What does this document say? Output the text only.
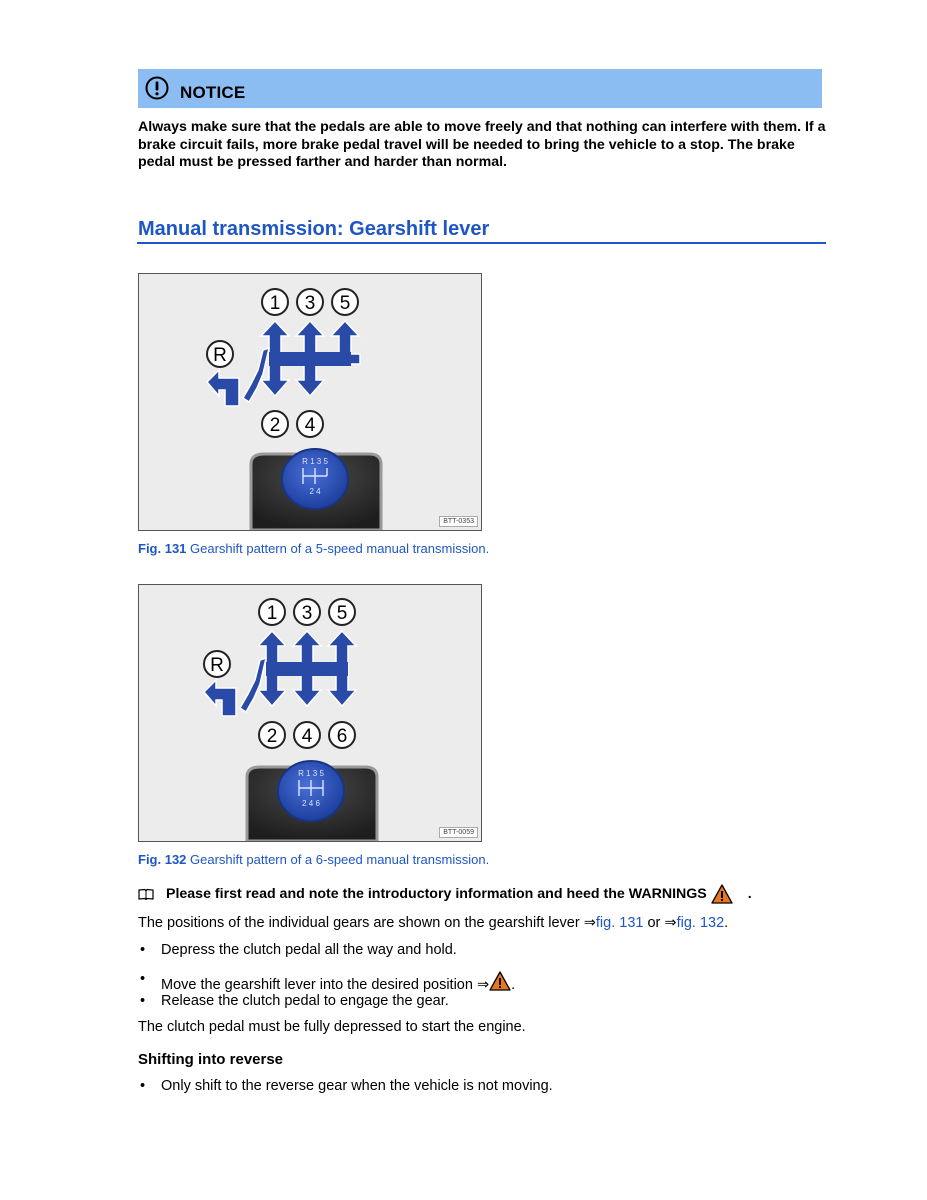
NOTICE
Always make sure that the pedals are able to move freely and that nothing can interfere with them. If a brake circuit fails, more brake pedal travel will be needed to bring the vehicle to a stop. The brake pedal must be pressed farther and harder than normal.
Manual transmission: Gearshift lever
1 3 5
R
2 4
R 1 3 5
2 4
BTT-0353
Fig. 131 Gearshift pattern of a 5-speed manual transmission.
1 3 5
R
2 4 6
R 1 3 5
2 4 6
BTT-0059
Fig. 132 Gearshift pattern of a 6-speed manual transmission.
Please first read and note the introductory information and heed the WARNINGS	.
The positions of the individual gears are shown on the gearshift lever ⇒fig. 131 or ⇒fig. 132.
• Depress the clutch pedal all the way and hold.
• Move the gearshift lever into the desired position ⇒ .
• Release the clutch pedal to engage the gear.
The clutch pedal must be fully depressed to start the engine.
Shifting into reverse
• Only shift to the reverse gear when the vehicle is not moving.
